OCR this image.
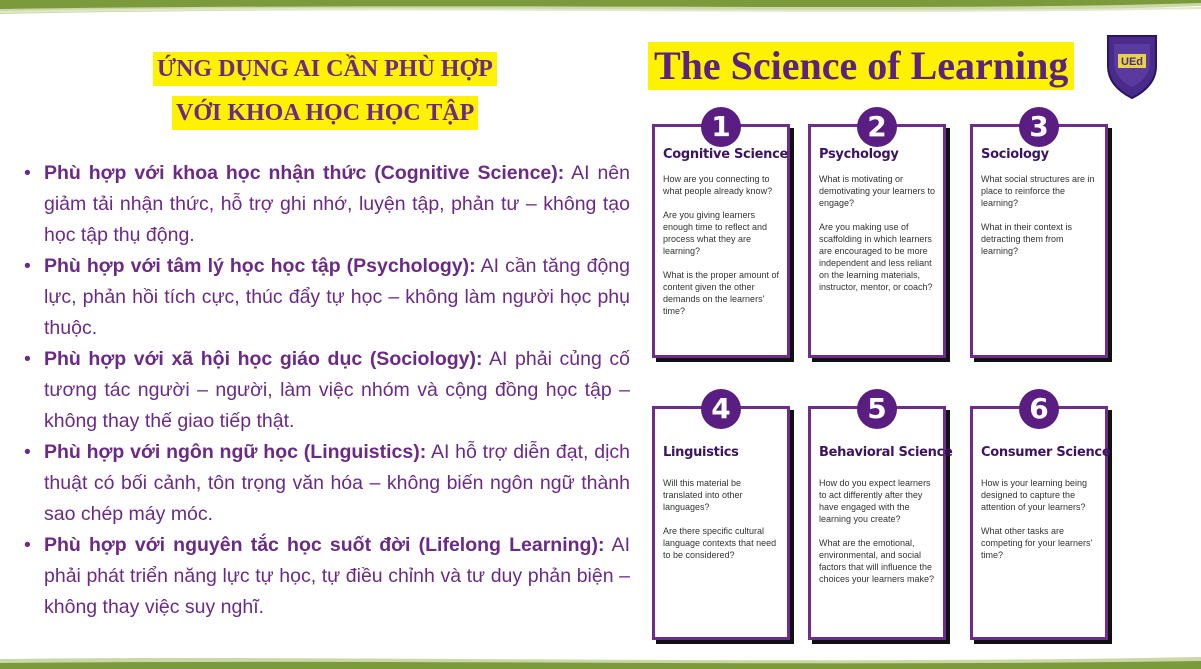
ỨNG DỤNG AI CẦN PHÙ HỢP
VỚI KHOA HỌC HỌC TẬP
• Phù hợp với khoa học nhận thức (Cognitive Science): AI nên giảm tải nhận thức, hỗ trợ ghi nhớ, luyện tập, phản tư – không tạo học tập thụ động.
• Phù hợp với tâm lý học học tập (Psychology): AI cần tăng động lực, phản hồi tích cực, thúc đẩy tự học – không làm người học phụ thuộc.
• Phù hợp với xã hội học giáo dục (Sociology): AI phải củng cố tương tác người – người, làm việc nhóm và cộng đồng học tập – không thay thế giao tiếp thật.
• Phù hợp với ngôn ngữ học (Linguistics): AI hỗ trợ diễn đạt, dịch thuật có bối cảnh, tôn trọng văn hóa – không biến ngôn ngữ thành sao chép máy móc.
• Phù hợp với nguyên tắc học suốt đời (Lifelong Learning): AI phải phát triển năng lực tự học, tự điều chỉnh và tư duy phản biện – không thay việc suy nghĩ.
The Science of Learning	UEd
1
Cognitive Science

How are you connecting to what people already know?

Are you giving learners enough time to reflect and process what they are learning?

What is the proper amount of content given the other demands on the learners' time?

2
Psychology

What is motivating or demotivating your learners to engage?

Are you making use of scaffolding in which learners are encouraged to be more independent and less reliant on the learning materials, instructor, mentor, or coach?

3
Sociology

What social structures are in place to reinforce the learning?

What in their context is detracting them from learning?

4
Linguistics

Will this material be translated into other languages?

Are there specific cultural language contexts that need to be considered?

5
Behavioral Science

How do you expect learners to act differently after they have engaged with the learning you create?

What are the emotional, environmental, and social factors that will influence the choices your learners make?

6
Consumer Science

How is your learning being designed to capture the attention of your learners?

What other tasks are competing for your learners' time?
